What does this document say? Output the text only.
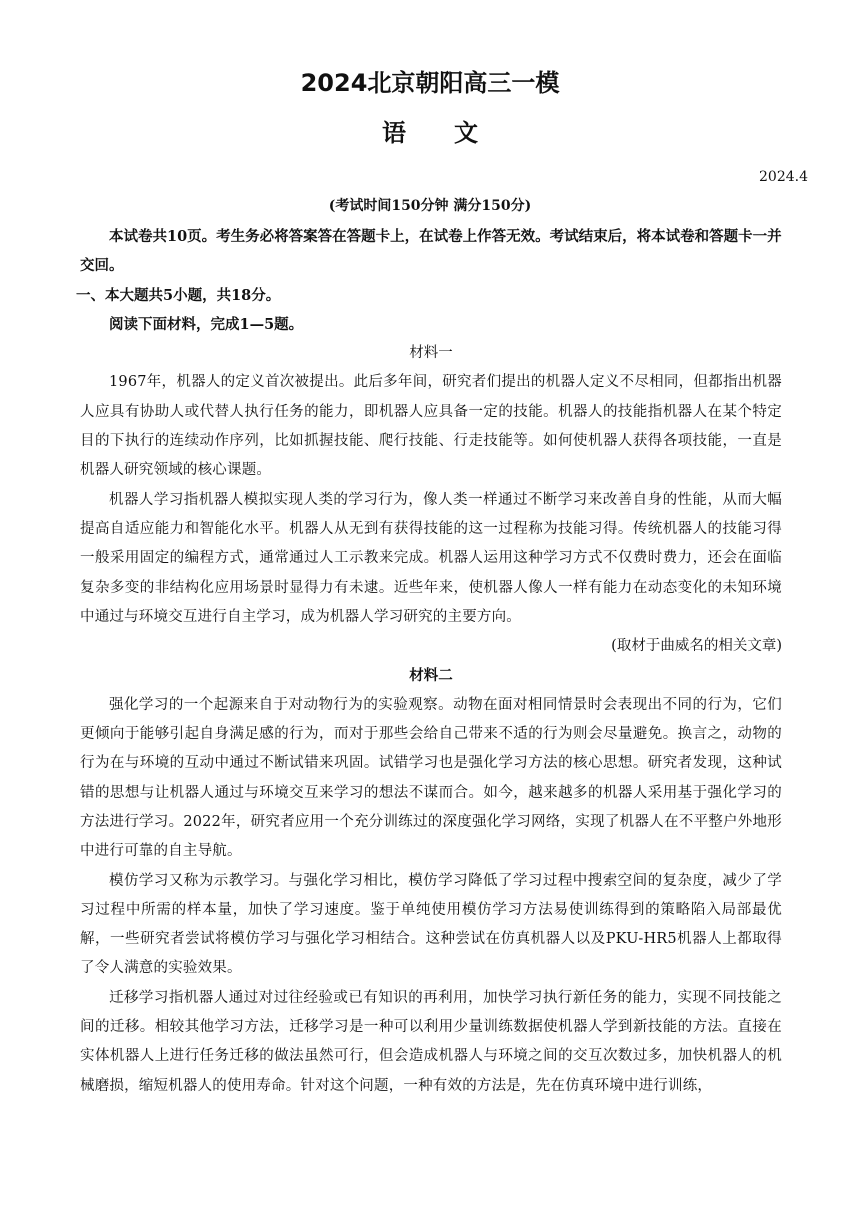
2024北京朝阳高三一模
语文
2024.4
(考试时间150分钟 满分150分)

本试卷共10页。考生务必将答案答在答题卡上，在试卷上作答无效。考试结束后，将本试卷和答题卡一并交回。

一、本大题共5小题，共18分。

阅读下面材料，完成1—5题。

材料一

1967年，机器人的定义首次被提出。此后多年间，研究者们提出的机器人定义不尽相同，但都指出机器人应具有协助人或代替人执行任务的能力，即机器人应具备一定的技能。机器人的技能指机器人在某个特定目的下执行的连续动作序列，比如抓握技能、爬行技能、行走技能等。如何使机器人获得各项技能，一直是机器人研究领域的核心课题。

机器人学习指机器人模拟实现人类的学习行为，像人类一样通过不断学习来改善自身的性能，从而大幅提高自适应能力和智能化水平。机器人从无到有获得技能的这一过程称为技能习得。传统机器人的技能习得一般采用固定的编程方式，通常通过人工示教来完成。机器人运用这种学习方式不仅费时费力，还会在面临复杂多变的非结构化应用场景时显得力有未逮。近些年来，使机器人像人一样有能力在动态变化的未知环境中通过与环境交互进行自主学习，成为机器人学习研究的主要方向。

(取材于曲威名的相关文章)

材料二

强化学习的一个起源来自于对动物行为的实验观察。动物在面对相同情景时会表现出不同的行为，它们更倾向于能够引起自身满足感的行为，而对于那些会给自己带来不适的行为则会尽量避免。换言之，动物的行为在与环境的互动中通过不断试错来巩固。试错学习也是强化学习方法的核心思想。研究者发现，这种试错的思想与让机器人通过与环境交互来学习的想法不谋而合。如今，越来越多的机器人采用基于强化学习的方法进行学习。2022年，研究者应用一个充分训练过的深度强化学习网络，实现了机器人在不平整户外地形中进行可靠的自主导航。

模仿学习又称为示教学习。与强化学习相比，模仿学习降低了学习过程中搜索空间的复杂度，减少了学习过程中所需的样本量，加快了学习速度。鉴于单纯使用模仿学习方法易使训练得到的策略陷入局部最优解，一些研究者尝试将模仿学习与强化学习相结合。这种尝试在仿真机器人以及PKU-HR5机器人上都取得了令人满意的实验效果。

迁移学习指机器人通过对过往经验或已有知识的再利用，加快学习执行新任务的能力，实现不同技能之间的迁移。相较其他学习方法，迁移学习是一种可以利用少量训练数据使机器人学到新技能的方法。直接在实体机器人上进行任务迁移的做法虽然可行，但会造成机器人与环境之间的交互次数过多，加快机器人的机械磨损，缩短机器人的使用寿命。针对这个问题，一种有效的方法是，先在仿真环境中进行训练，
